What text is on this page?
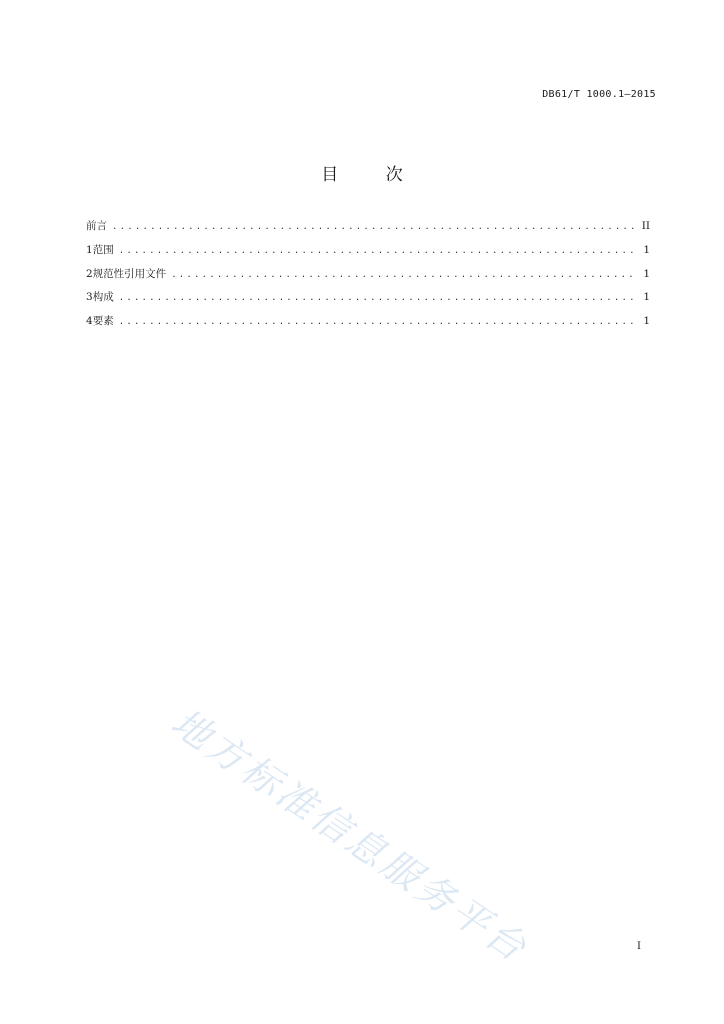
DB61/T 1000.1—2015
目	次
前言 .....	II
1 范围 .....	1
2 规范性引用文件 .....	1
3 构成 .....	1
4 要素 .....	1
地方标准信息服务平台	I
